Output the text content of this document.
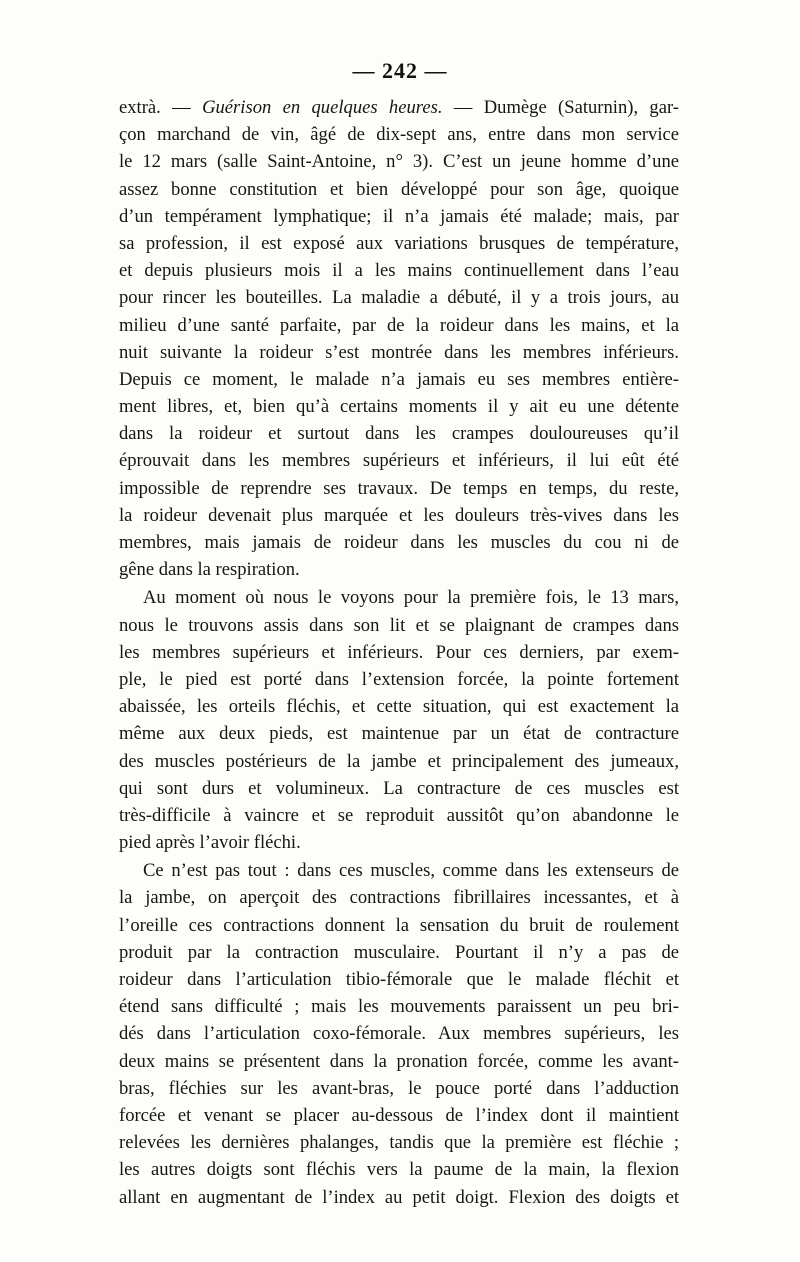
— 242 —
extrà. — Guérison en quelques heures. — Dumège (Saturnin), gar-
çon marchand de vin, âgé de dix-sept ans, entre dans mon service
le 12 mars (salle Saint-Antoine, n° 3). C’est un jeune homme d’une
assez bonne constitution et bien développé pour son âge, quoique
d’un tempérament lymphatique; il n’a jamais été malade; mais, par
sa profession, il est exposé aux variations brusques de température,
et depuis plusieurs mois il a les mains continuellement dans l’eau
pour rincer les bouteilles. La maladie a débuté, il y a trois jours, au
milieu d’une santé parfaite, par de la roideur dans les mains, et la
nuit suivante la roideur s’est montrée dans les membres inférieurs.
Depuis ce moment, le malade n’a jamais eu ses membres entière-
ment libres, et, bien qu’à certains moments il y ait eu une détente
dans la roideur et surtout dans les crampes douloureuses qu’il
éprouvait dans les membres supérieurs et inférieurs, il lui eût été
impossible de reprendre ses travaux. De temps en temps, du reste,
la roideur devenait plus marquée et les douleurs très-vives dans les
membres, mais jamais de roideur dans les muscles du cou ni de
gêne dans la respiration.
Au moment où nous le voyons pour la première fois, le 13 mars,
nous le trouvons assis dans son lit et se plaignant de crampes dans
les membres supérieurs et inférieurs. Pour ces derniers, par exem-
ple, le pied est porté dans l’extension forcée, la pointe fortement
abaissée, les orteils fléchis, et cette situation, qui est exactement la
même aux deux pieds, est maintenue par un état de contracture
des muscles postérieurs de la jambe et principalement des jumeaux,
qui sont durs et volumineux. La contracture de ces muscles est
très-difficile à vaincre et se reproduit aussitôt qu’on abandonne le
pied après l’avoir fléchi.
Ce n’est pas tout : dans ces muscles, comme dans les extenseurs de
la jambe, on aperçoit des contractions fibrillaires incessantes, et à
l’oreille ces contractions donnent la sensation du bruit de roulement
produit par la contraction musculaire. Pourtant il n’y a pas de
roideur dans l’articulation tibio-fémorale que le malade fléchit et
étend sans difficulté ; mais les mouvements paraissent un peu bri-
dés dans l’articulation coxo-fémorale. Aux membres supérieurs, les
deux mains se présentent dans la pronation forcée, comme les avant-
bras, fléchies sur les avant-bras, le pouce porté dans l’adduction
forcée et venant se placer au-dessous de l’index dont il maintient
relevées les dernières phalanges, tandis que la première est fléchie ;
les autres doigts sont fléchis vers la paume de la main, la flexion
allant en augmentant de l’index au petit doigt. Flexion des doigts et
